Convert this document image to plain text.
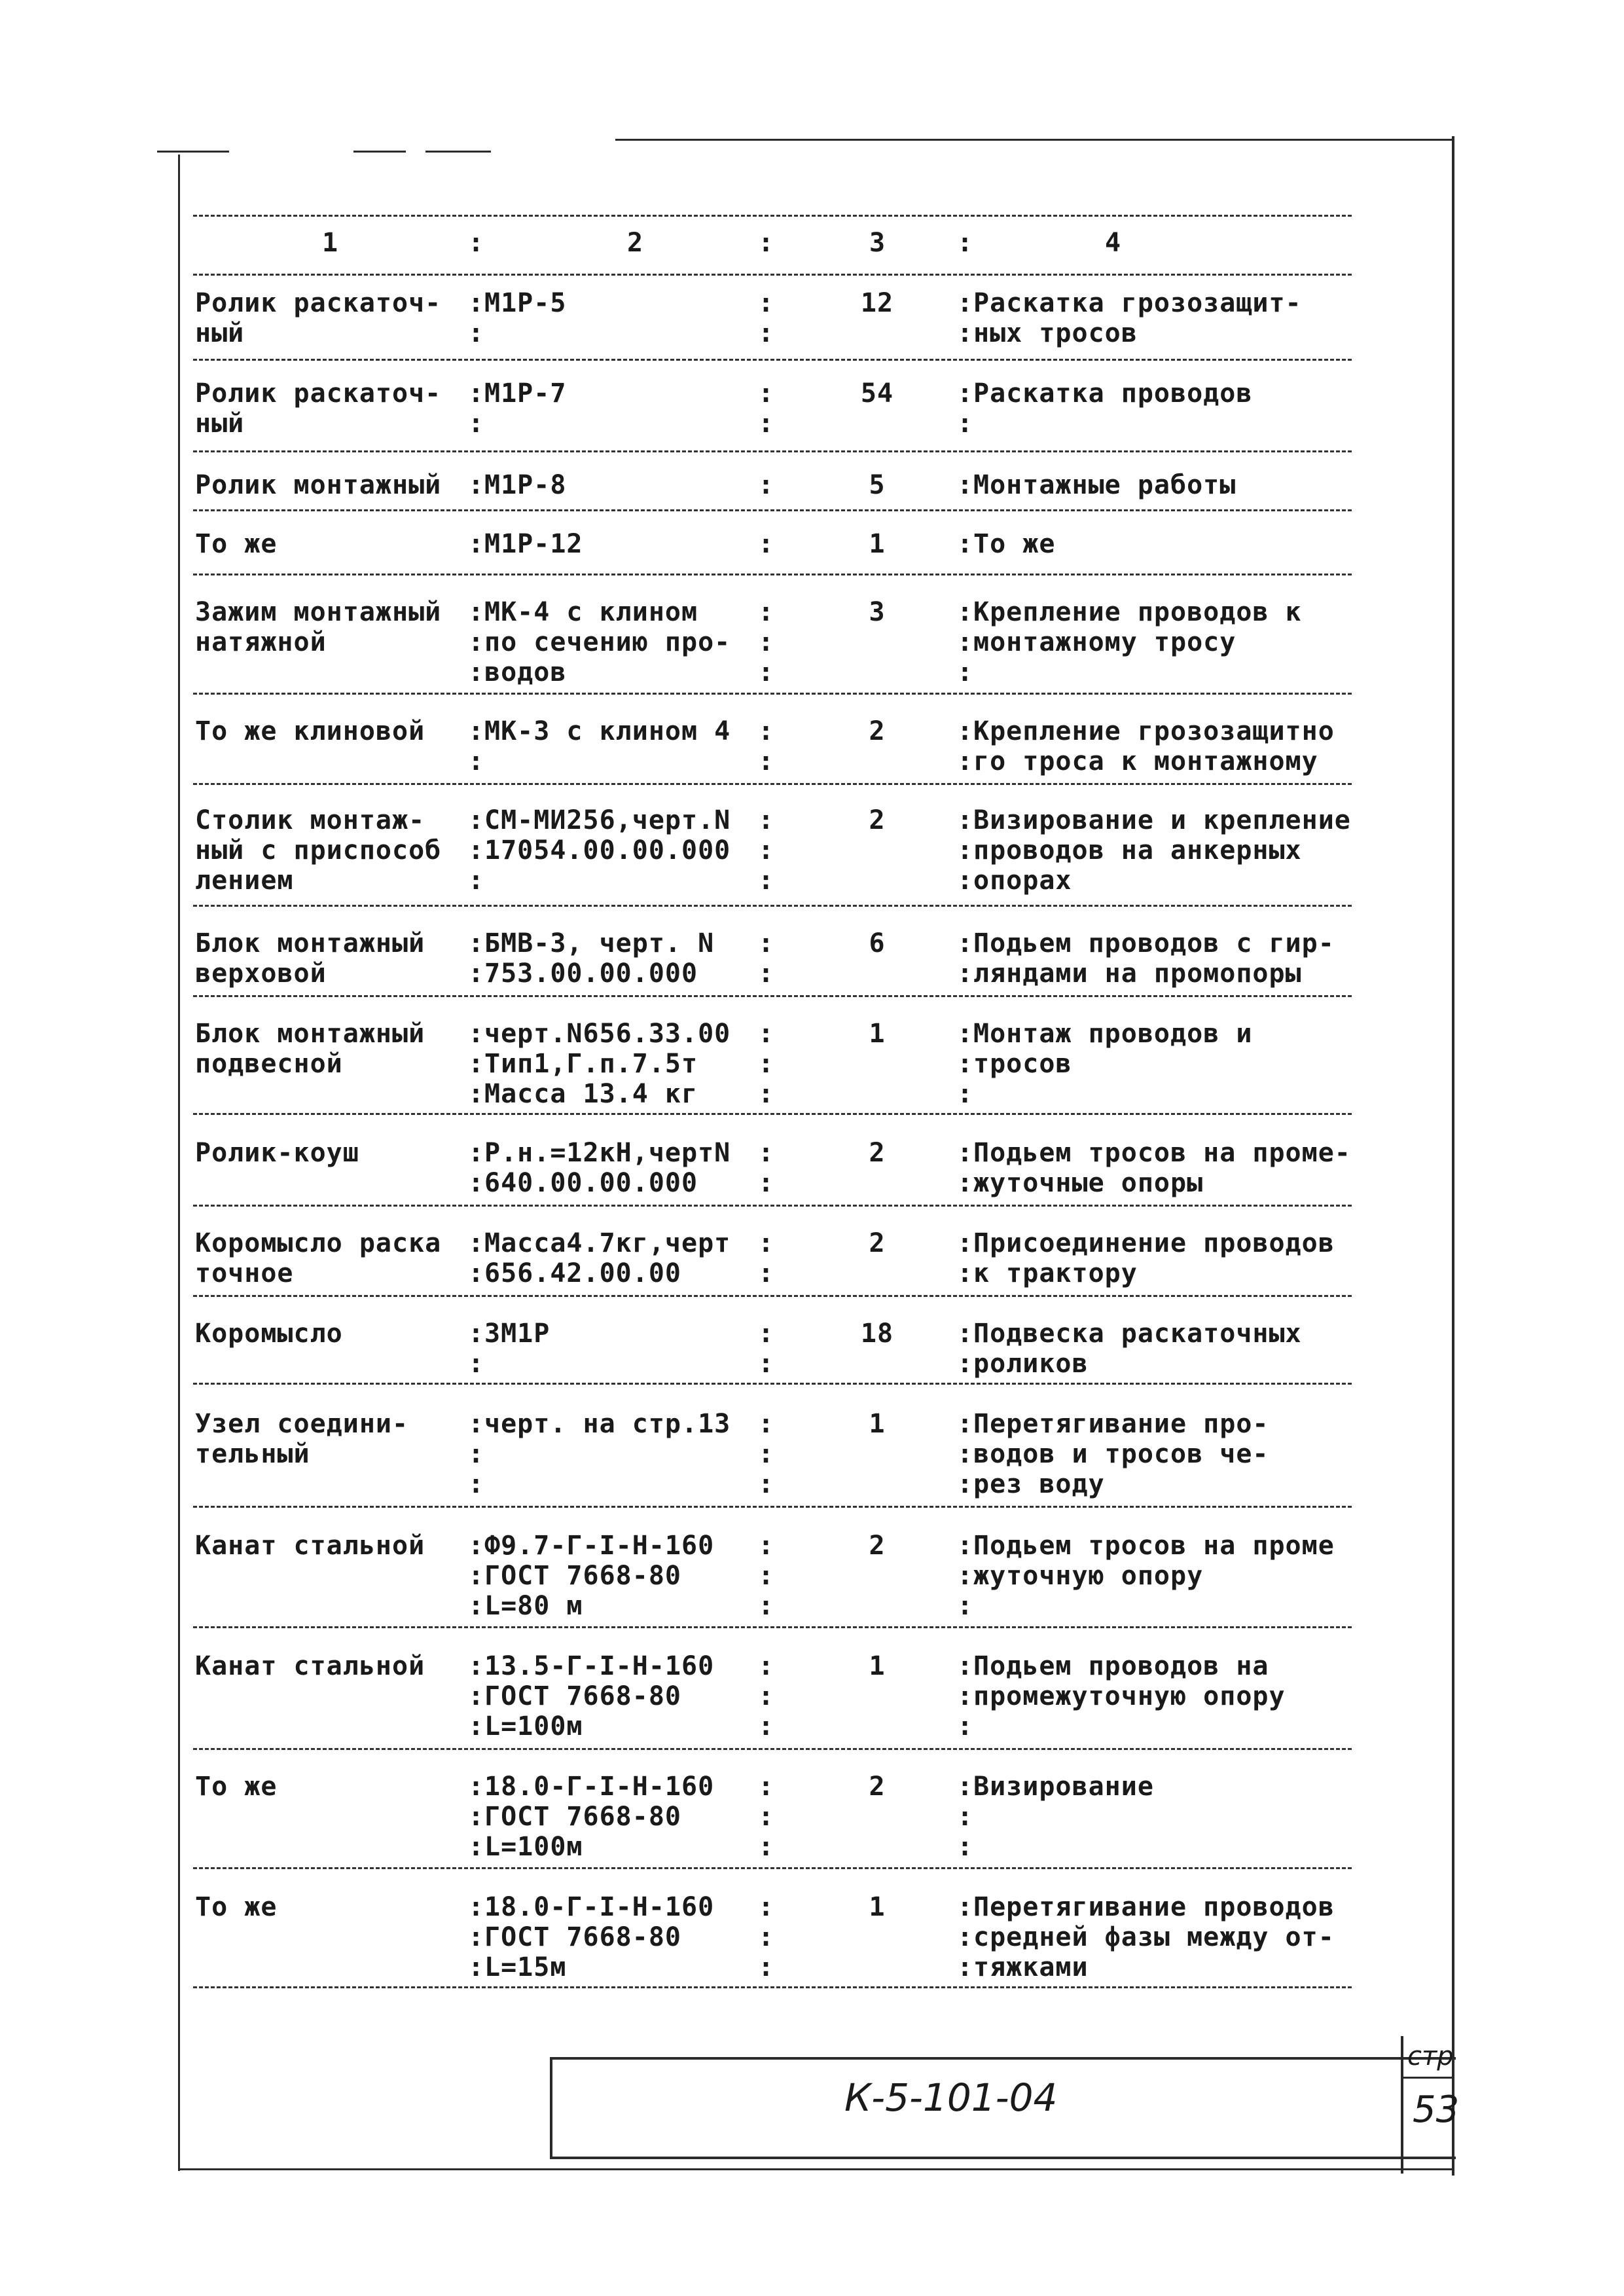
1	:	2	:	3	:	4
Ролик раскаточ- : М1Р-5	:	12	: Раскатка грозозащит-
ный	:	:	: ных тросов
Ролик раскаточ- : М1Р-7	:	54	: Раскатка проводов
ный	:	:	:
Ролик монтажный : М1Р-8	:	5	: Монтажные работы
То же	: М1Р-12	:	1	: То же
Зажим монтажный : МК-4 с клином :	3	: Крепление проводов к
натяжной	: по сечению про- :	: монтажному тросу
: водов	:	:
То же клиновой : МК-3 с клином 4 :	2	: Крепление грозозащитно
:	:	: го троса к монтажному
Столик монтаж- : СМ-МИ256,черт.N :	2	: Визирование и крепление
ный с приспособ : 17054.00.00.000 :	: проводов на анкерных
лением	:	:	: опорах
Блок монтажный : БМВ-3, черт. N :	6	: Подьем проводов с гир-
верховой	: 753.00.00.000 :	: ляндами на промопоры
Блок монтажный : черт.N656.33.00 :	1	: Монтаж проводов и
подвесной	: Тип1,Г.п.7.5т :	: тросов
: Масса 13.4 кг :	:
Ролик-коуш	: Р.н.=12кН,чертN :	2	: Подьем тросов на проме-
: 640.00.00.000 :	: жуточные опоры
Коромысло раска : Масса4.7кг,черт :	2	: Присоединение проводов
точное	: 656.42.00.00	:	: к трактору
Коромысло	: 3М1Р	:	18	: Подвеска раскаточных
:	:	: роликов
Узел соедини- : черт. на стр.13 :	1	: Перетягивание про-
тельный	:	:	: водов и тросов че-
:	:	: рез воду
Канат стальной : Ф9.7-Г-I-Н-160 :	2	: Подьем тросов на проме
: ГОСТ 7668-80	:	: жуточную опору
: L=80 м	:	:
Канат стальной : 13.5-Г-I-Н-160 :	1	: Подьем проводов на
: ГОСТ 7668-80	:	: промежуточную опору
: L=100м	:	:
То же	: 18.0-Г-I-Н-160 :	2	: Визирование
: ГОСТ 7668-80	:	:
: L=100м	:	:
То же	: 18.0-Г-I-Н-160 :	1	: Перетягивание проводов
: ГОСТ 7668-80	:	: средней фазы между от-
: L=15м	:	: тяжками
К-5-101-04
стр
53
